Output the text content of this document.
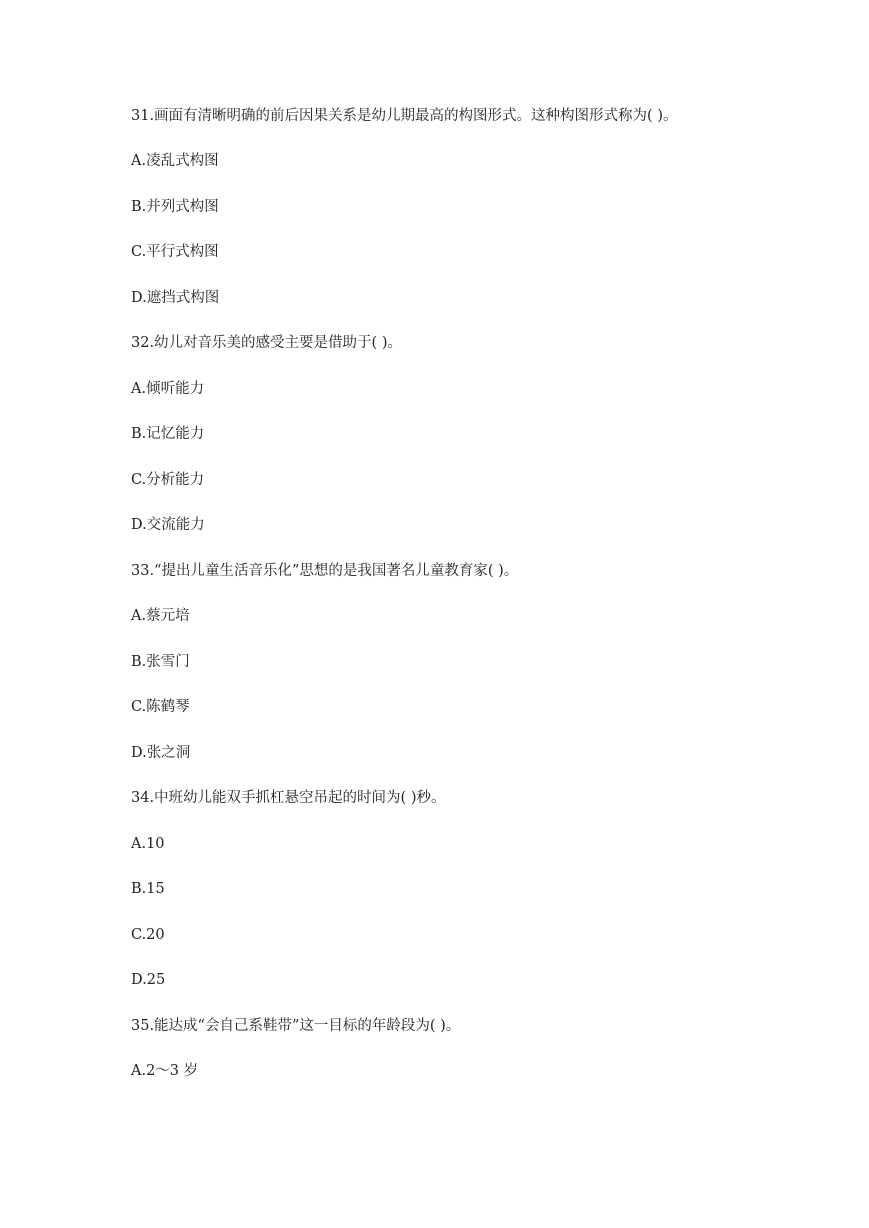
31.画面有清晰明确的前后因果关系是幼儿期最高的构图形式。这种构图形式称为( )。

A.凌乱式构图

B.并列式构图

C.平行式构图

D.遮挡式构图

32.幼儿对音乐美的感受主要是借助于( )。

A.倾听能力

B.记忆能力

C.分析能力

D.交流能力

33.“提出儿童生活音乐化”思想的是我国著名儿童教育家( )。

A.蔡元培

B.张雪门

C.陈鹤琴

D.张之洞

34.中班幼儿能双手抓杠悬空吊起的时间为( )秒。

A.10

B.15

C.20

D.25

35.能达成“会自己系鞋带”这一目标的年龄段为( )。

A.2～3 岁
